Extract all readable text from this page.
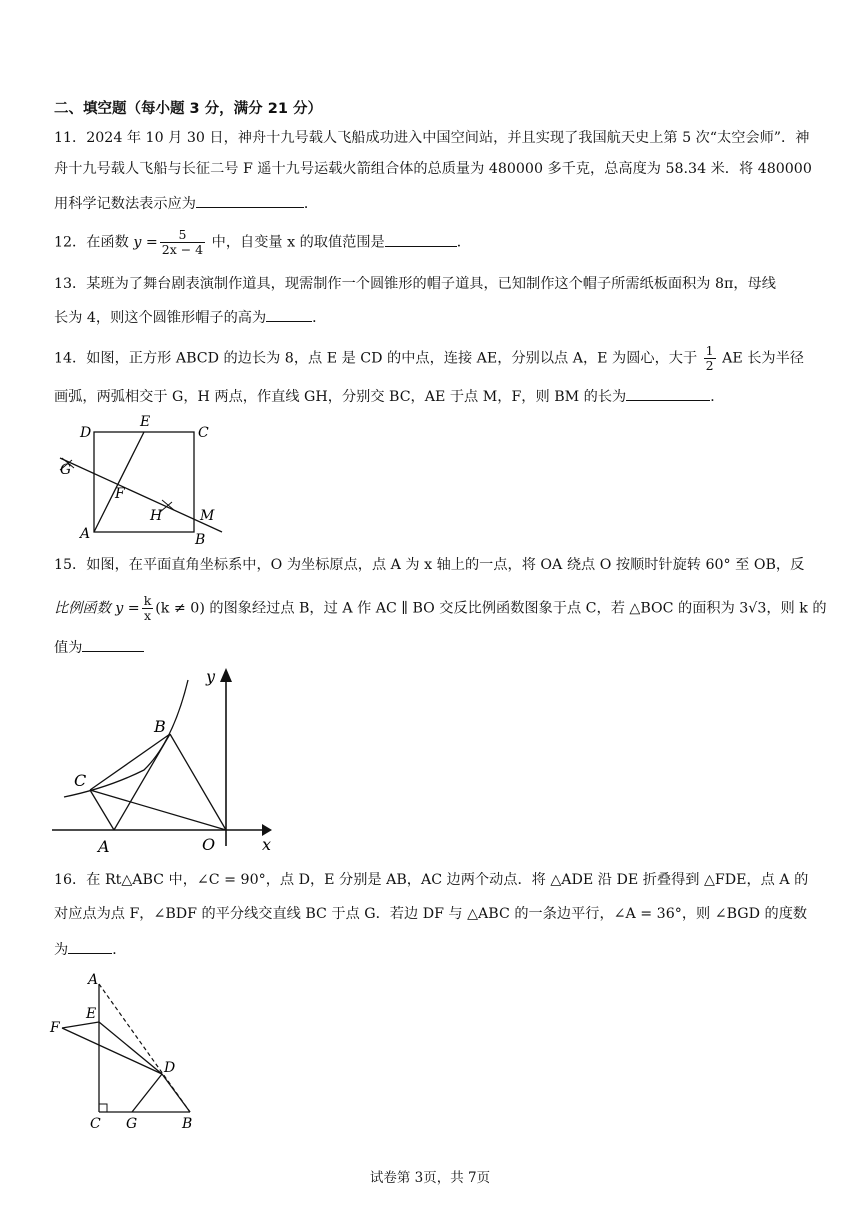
二、填空题（每小题 3 分，满分 21 分）
11．2024 年 10 月 30 日，神舟十九号载人飞船成功进入中国空间站，并且实现了我国航天史上第 5 次“太空会师”．神
舟十九号载人飞船与长征二号 F 遥十九号运载火箭组合体的总质量为 480000 多千克，总高度为 58.34 米．将 480000
用科学记数法表示应为	．
12．在函数 $y = \frac{5}{2x - 4}$ 中，自变量 x 的取值范围是	．
13．某班为了舞台剧表演制作道具，现需制作一个圆锥形的帽子道具，已知制作这个帽子所需纸板面积为 8π，母线
长为 4，则这个圆锥形帽子的高为	．
14．如图，正方形 ABCD 的边长为 8，点 E 是 CD 的中点，连接 AE，分别以点 A，E 为圆心，大于 $\frac{1}{2}$ AE 长为半径
画弧，两弧相交于 G，H 两点，作直线 GH，分别交 BC，AE 于点 M，F，则 BM 的长为	．
D
E
C
G
F
H	M
A	B
15．如图，在平面直角坐标系中，O 为坐标原点，点 A 为 x 轴上的一点，将 OA 绕点 O 按顺时针旋转 60° 至 OB，反
比例函数 $y = \frac{k}{x} (k \ne 0)$ 的图象经过点 B，过 A 作 AC ∥ BO 交反比例函数图象于点 C，若 △BOC 的面积为 3√3，则 k 的
值为
y
B
C
A	O	x
16．在 Rt△ABC 中，∠C = 90°，点 D，E 分别是 AB，AC 边两个动点．将 △ADE 沿 DE 折叠得到 △FDE，点 A 的
对应点为点 F，∠BDF 的平分线交直线 BC 于点 G．若边 DF 与 △ABC 的一条边平行，∠A = 36°，则 ∠BGD 的度数
为	．
A
E
F
D
C G	B
试卷第 3页，共 7页
